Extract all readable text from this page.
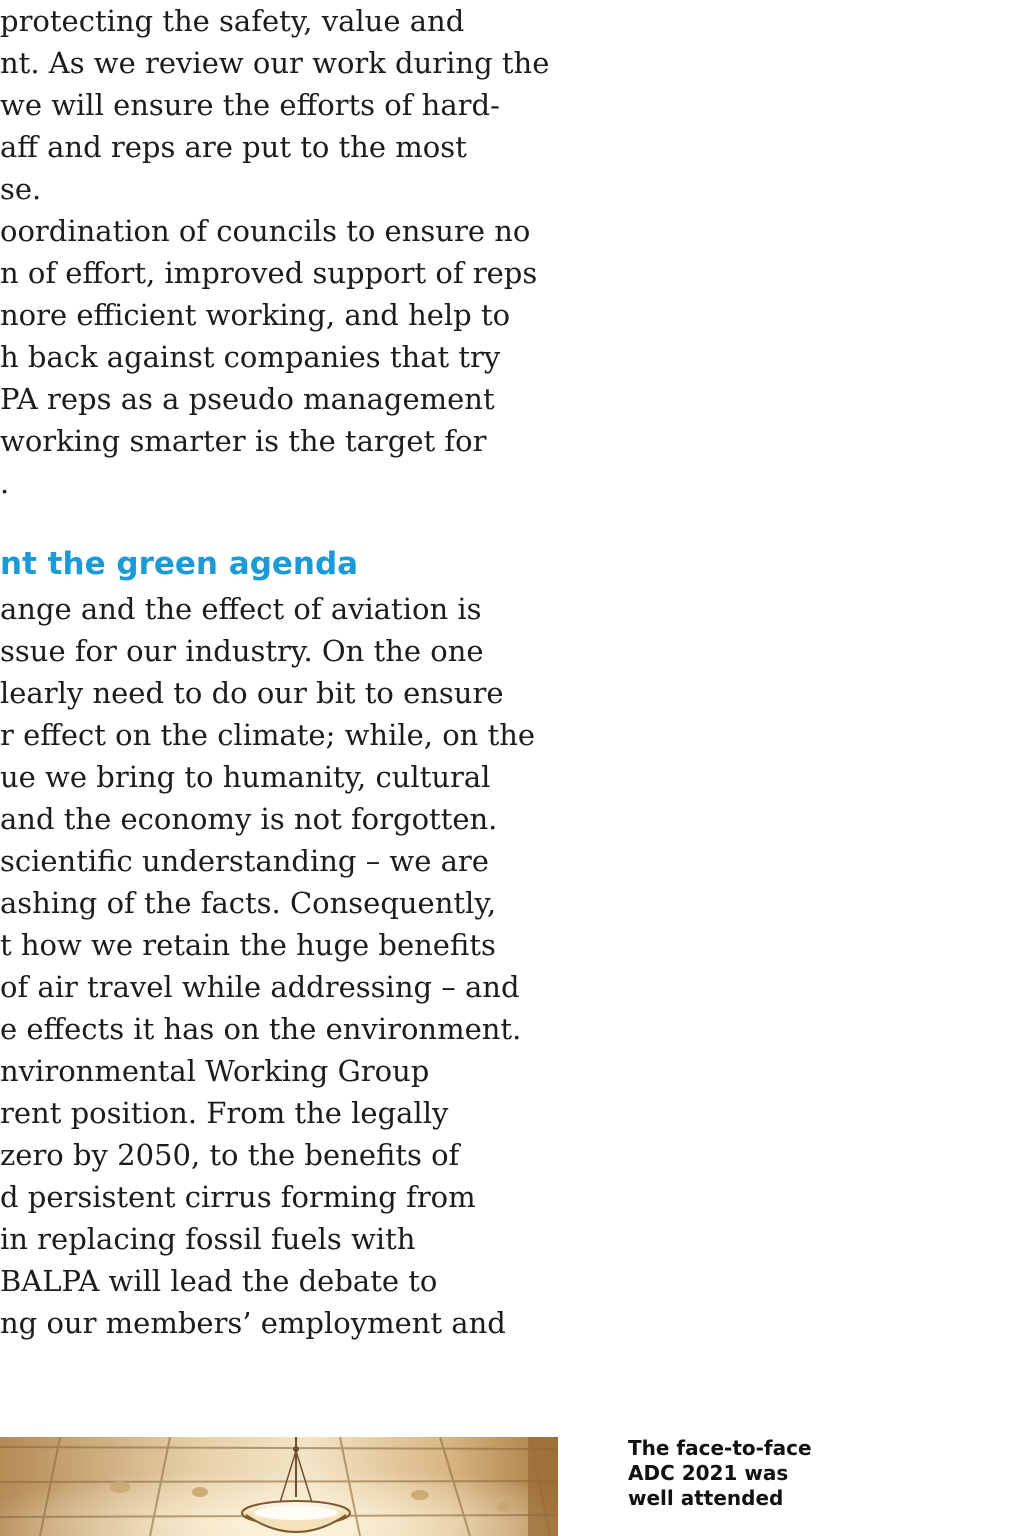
protecting the safety, value and
nt. As we review our work during the
we will ensure the efforts of hard-
aff and reps are put to the most
se.
oordination of councils to ensure no
n of effort, improved support of reps
nore efficient working, and help to
h back against companies that try
PA reps as a pseudo management
working smarter is the target for
.
ange and the effect of aviation is
ssue for our industry. On the one
learly need to do our bit to ensure
r effect on the climate; while, on the
ue we bring to humanity, cultural
and the economy is not forgotten.
scientific understanding – we are
ashing of the facts. Consequently,
t how we retain the huge benefits
of air travel while addressing – and
e effects it has on the environment.
nvironmental Working Group
rent position. From the legally
zero by 2050, to the benefits of
d persistent cirrus forming from
in replacing fossil fuels with
BALPA will lead the debate to
ng our members’ employment and
nt the green agenda
The face-to-face
ADC 2021 was
well attended
